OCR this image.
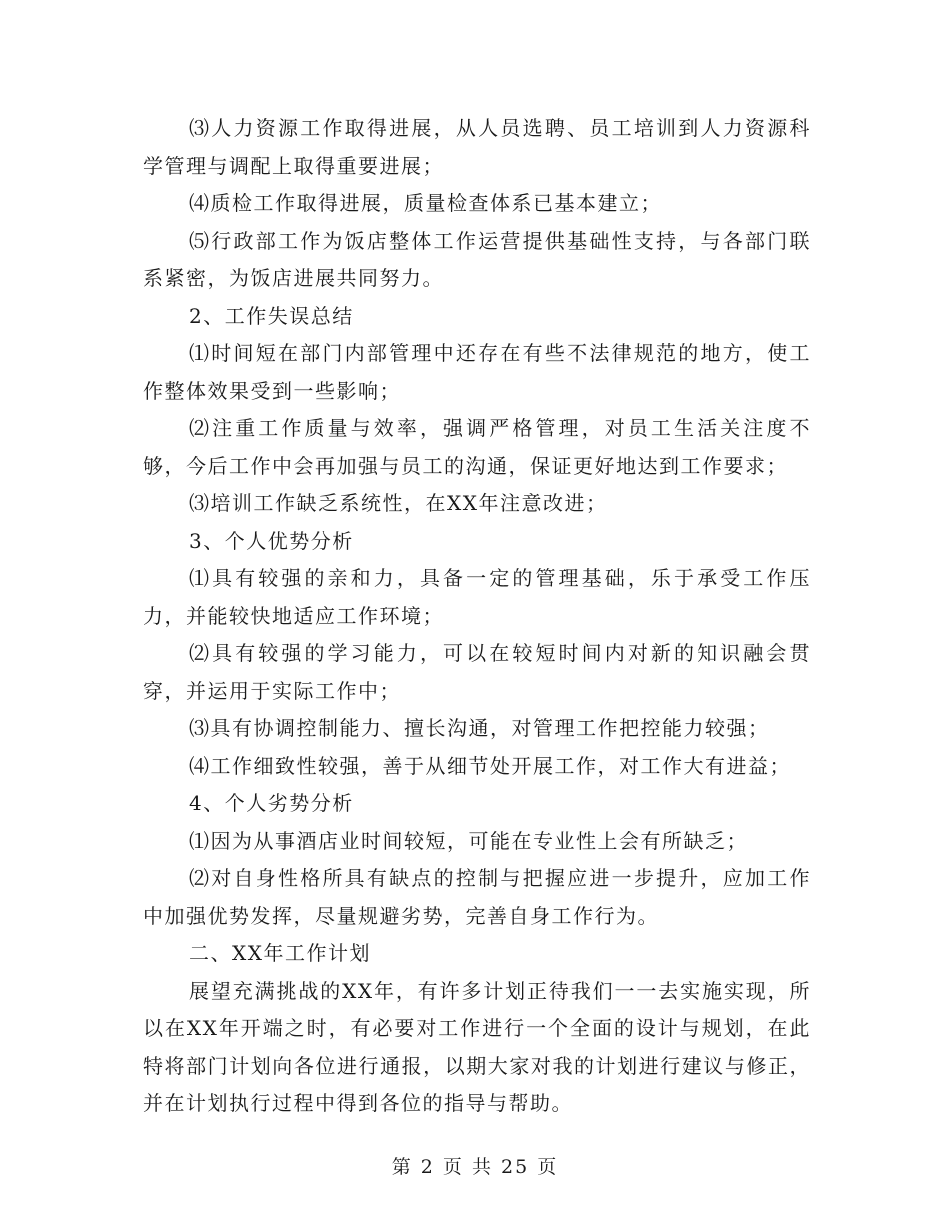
⑶人力资源工作取得进展，从人员选聘、员工培训到人力资源科学管理与调配上取得重要进展；

⑷质检工作取得进展，质量检查体系已基本建立；

⑸行政部工作为饭店整体工作运营提供基础性支持，与各部门联系紧密，为饭店进展共同努力。

2、工作失误总结

⑴时间短在部门内部管理中还存在有些不法律规范的地方，使工作整体效果受到一些影响；

⑵注重工作质量与效率，强调严格管理，对员工生活关注度不够，今后工作中会再加强与员工的沟通，保证更好地达到工作要求；

⑶培训工作缺乏系统性，在XX年注意改进；

3、个人优势分析

⑴具有较强的亲和力，具备一定的管理基础，乐于承受工作压力，并能较快地适应工作环境；

⑵具有较强的学习能力，可以在较短时间内对新的知识融会贯穿，并运用于实际工作中；

⑶具有协调控制能力、擅长沟通，对管理工作把控能力较强；

⑷工作细致性较强，善于从细节处开展工作，对工作大有进益；

4、个人劣势分析

⑴因为从事酒店业时间较短，可能在专业性上会有所缺乏；

⑵对自身性格所具有缺点的控制与把握应进一步提升，应加工作中加强优势发挥，尽量规避劣势，完善自身工作行为。

二、XX年工作计划

展望充满挑战的XX年，有许多计划正待我们一一去实施实现，所以在XX年开端之时，有必要对工作进行一个全面的设计与规划，在此特将部门计划向各位进行通报，以期大家对我的计划进行建议与修正，并在计划执行过程中得到各位的指导与帮助。

第 2 页 共 25 页
